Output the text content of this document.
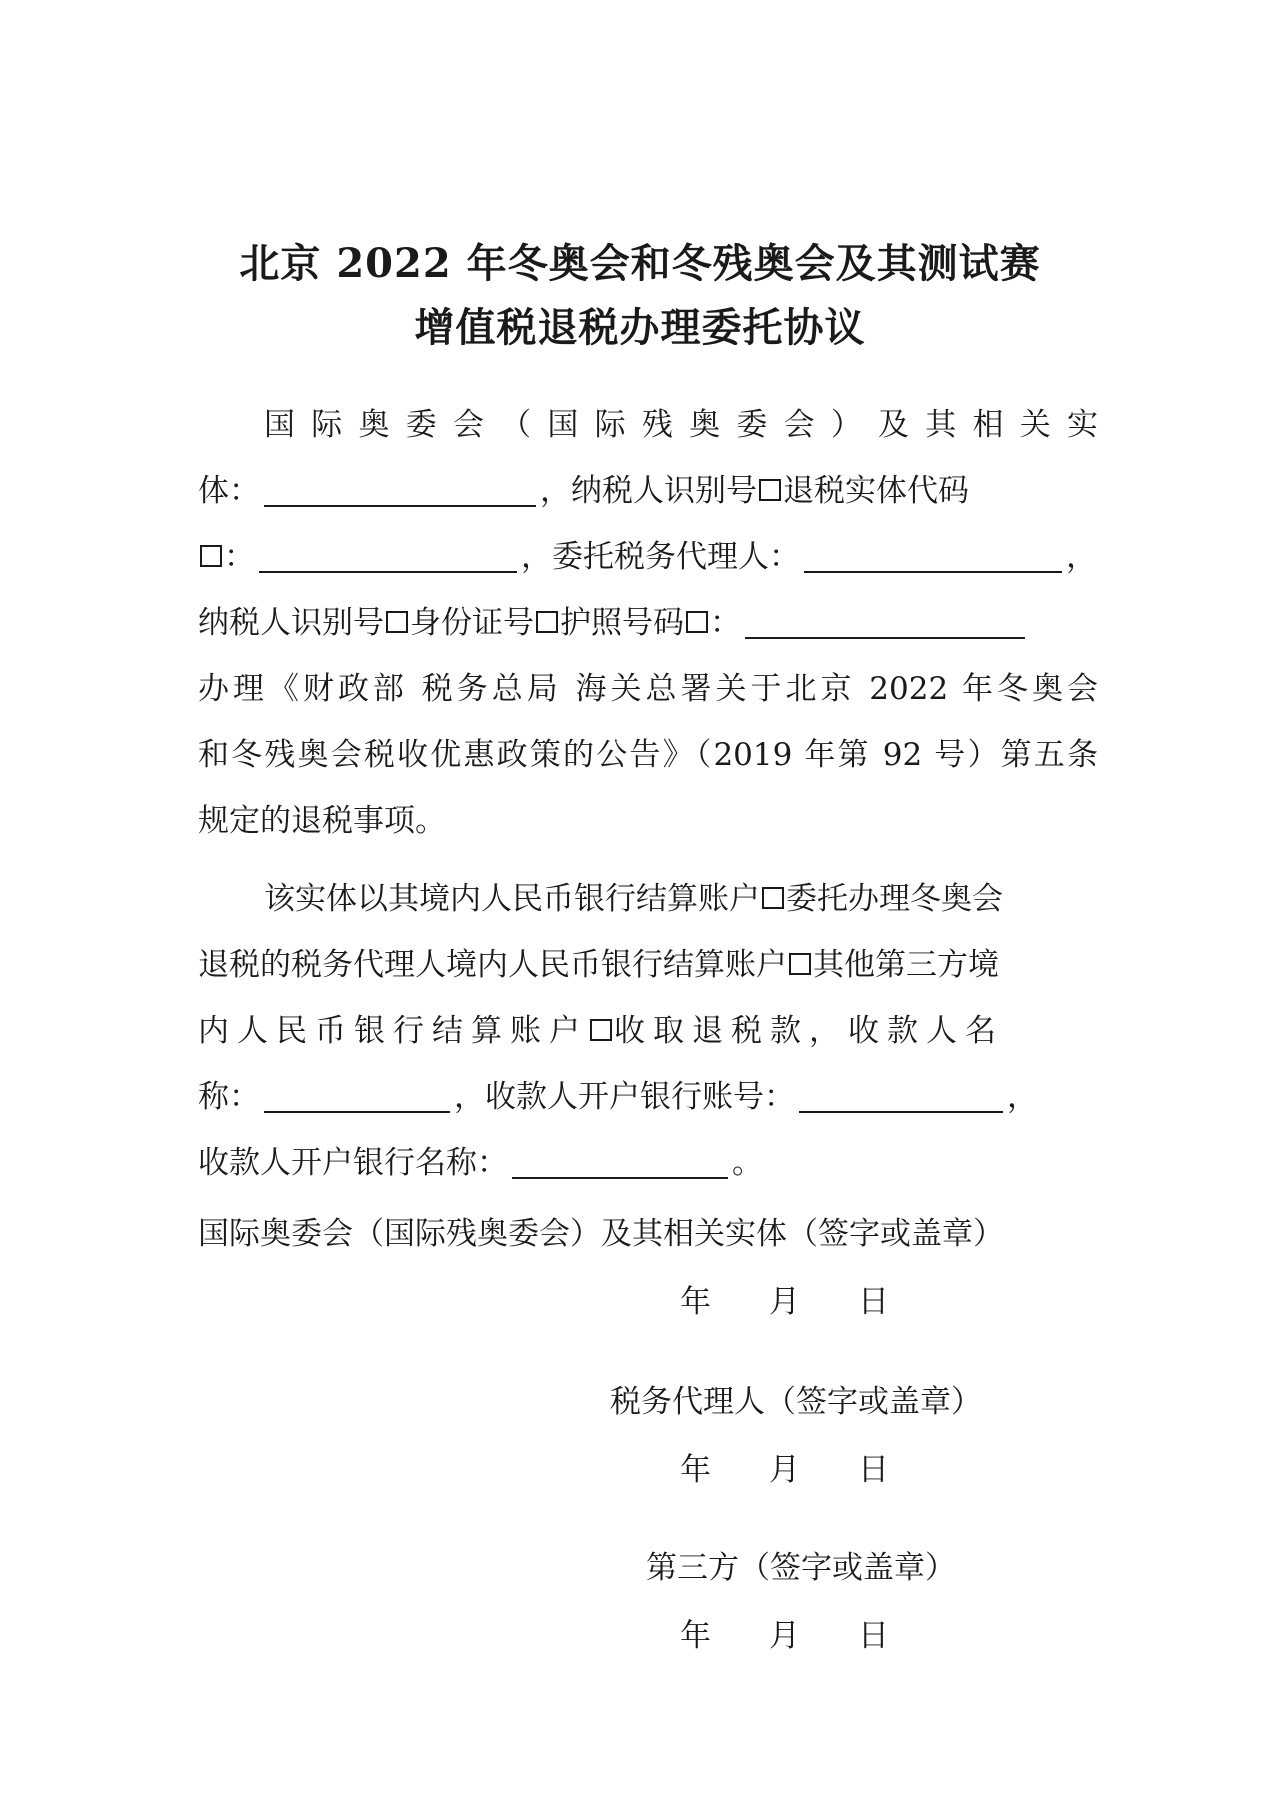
北京 2022 年冬奥会和冬残奥会及其测试赛
增值税退税办理委托协议
国际奥委会（国际残奥委会）及其相关实
体：	，纳税人识别号 退税实体代码
：	，委托税务代理人：	，
纳税人识别号 身份证号 护照号码 ：
办理《财政部 税务总局 海关总署关于北京 2022 年冬奥会
和冬残奥会税收优惠政策的公告》（2019 年第 92 号）第五条
规定的退税事项。
该实体以其境内人民币银行结算账户 委托办理冬奥会
退税的税务代理人境内人民币银行结算账户 其他第三方境
内人民币银行结算账户 收取退税款，收款人名
称：	，收款人开户银行账号：	，
收款人开户银行名称：	。
国际奥委会（国际残奥委会）及其相关实体（签字或盖章）
年 月 日
税务代理人（签字或盖章）
年 月 日
第三方（签字或盖章）
年 月 日
